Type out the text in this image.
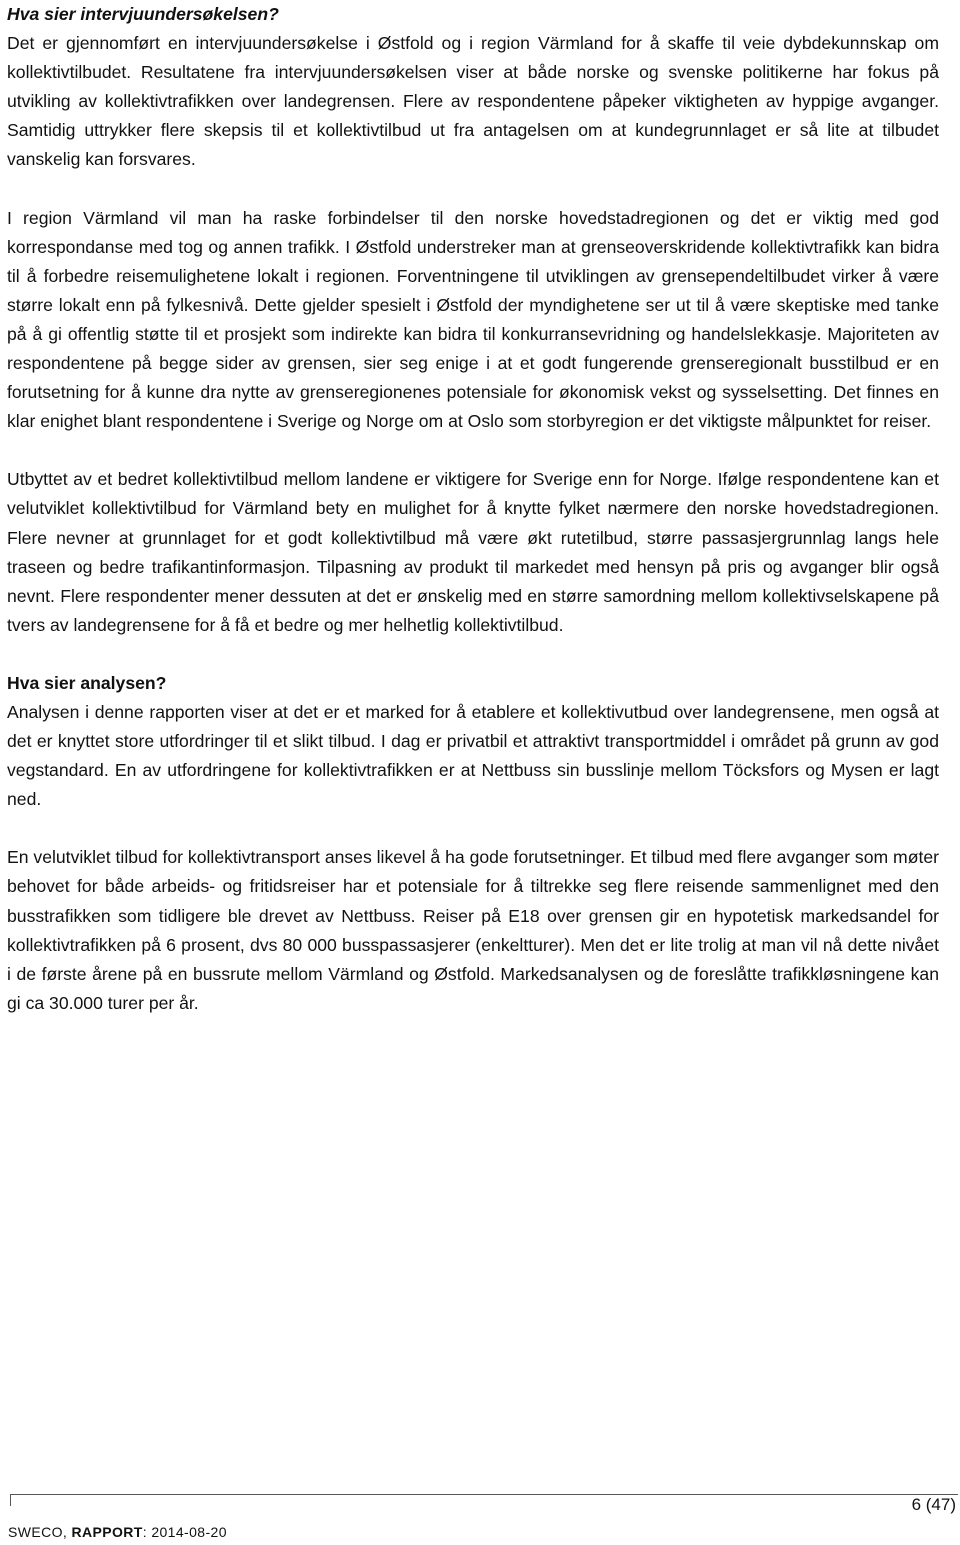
Hva sier intervjuundersøkelsen?

Det er gjennomført en intervjuundersøkelse i Østfold og i region Värmland for å skaffe til veie dybdekunnskap om kollektivtilbudet. Resultatene fra intervjuundersøkelsen viser at både norske og svenske politikerne har fokus på utvikling av kollektivtrafikken over landegrensen. Flere av respondentene påpeker viktigheten av hyppige avganger. Samtidig uttrykker flere skepsis til et kollektivtilbud ut fra antagelsen om at kundegrunnlaget er så lite at tilbudet vanskelig kan forsvares.

I region Värmland vil man ha raske forbindelser til den norske hovedstadregionen og det er viktig med god korrespondanse med tog og annen trafikk. I Østfold understreker man at grenseoverskridende kollektivtrafikk kan bidra til å forbedre reisemulighetene lokalt i regionen. Forventningene til utviklingen av grensependeltilbudet virker å være større lokalt enn på fylkesnivå. Dette gjelder spesielt i Østfold der myndighetene ser ut til å være skeptiske med tanke på å gi offentlig støtte til et prosjekt som indirekte kan bidra til konkurransevridning og handelslekkasje. Majoriteten av respondentene på begge sider av grensen, sier seg enige i at et godt fungerende grenseregionalt busstilbud er en forutsetning for å kunne dra nytte av grenseregionenes potensiale for økonomisk vekst og sysselsetting. Det finnes en klar enighet blant respondentene i Sverige og Norge om at Oslo som storbyregion er det viktigste målpunktet for reiser.

Utbyttet av et bedret kollektivtilbud mellom landene er viktigere for Sverige enn for Norge. Ifølge respondentene kan et velutviklet kollektivtilbud for Värmland bety en mulighet for å knytte fylket nærmere den norske hovedstadregionen. Flere nevner at grunnlaget for et godt kollektivtilbud må være økt rutetilbud, større passasjergrunnlag langs hele traseen og bedre trafikantinformasjon. Tilpasning av produkt til markedet med hensyn på pris og avganger blir også nevnt. Flere respondenter mener dessuten at det er ønskelig med en større samordning mellom kollektivselskapene på tvers av landegrensene for å få et bedre og mer helhetlig kollektivtilbud.

Hva sier analysen?

Analysen i denne rapporten viser at det er et marked for å etablere et kollektivutbud over landegrensene, men også at det er knyttet store utfordringer til et slikt tilbud. I dag er privatbil et attraktivt transportmiddel i området på grunn av god vegstandard. En av utfordringene for kollektivtrafikken er at Nettbuss sin busslinje mellom Töcksfors og Mysen er lagt ned.

En velutviklet tilbud for kollektivtransport anses likevel å ha gode forutsetninger. Et tilbud med flere avganger som møter behovet for både arbeids- og fritidsreiser har et potensiale for å tiltrekke seg flere reisende sammenlignet med den busstrafikken som tidligere ble drevet av Nettbuss. Reiser på E18 over grensen gir en hypotetisk markedsandel for kollektivtrafikken på 6 prosent, dvs 80 000 busspassasjerer (enkeltturer). Men det er lite trolig at man vil nå dette nivået i de første årene på en bussrute mellom Värmland og Østfold. Markedsanalysen og de foreslåtte trafikkløsningene kan gi ca 30.000 turer per år.

6 (47)
SWECO, RAPPORT: 2014-08-20
